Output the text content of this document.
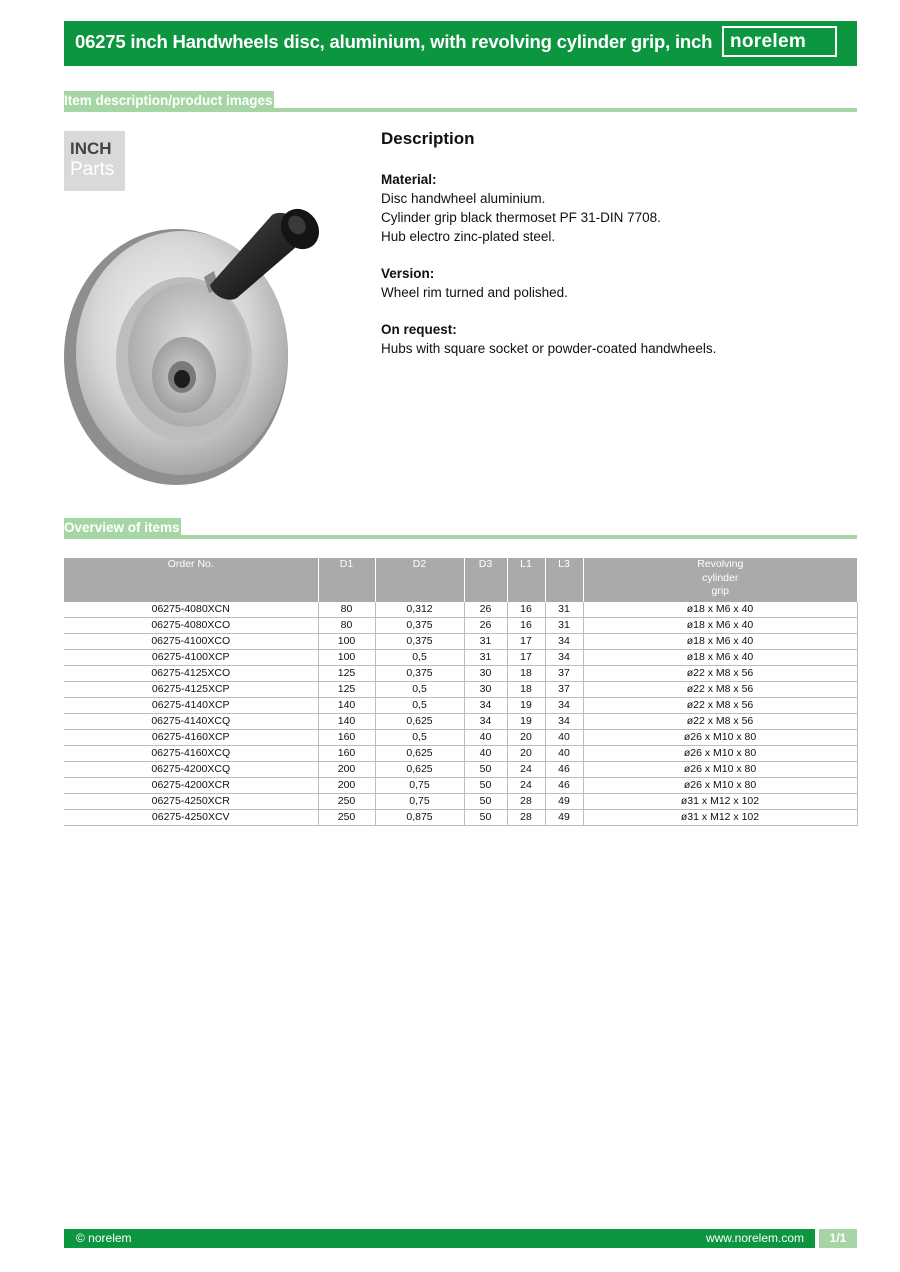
06275 inch Handwheels disc, aluminium, with revolving cylinder grip, inch norelem
Item description/product images
INCH
Parts
Description
Material:
Disc handwheel aluminium.
Cylinder grip black thermoset PF 31-DIN 7708.
Hub electro zinc-plated steel.
Version:
Wheel rim turned and polished.
On request:
Hubs with square socket or powder-coated handwheels.
Overview of items
Order No.	D1	D2	D3	L1	L3	Revolving cylinder grip

06275-4080XCN	80	0,312	26	16	31	ø18 x M6 x 40
06275-4080XCO	80	0,375	26	16	31	ø18 x M6 x 40
06275-4100XCO	100	0,375	31	17	34	ø18 x M6 x 40
06275-4100XCP	100	0,5	31	17	34	ø18 x M6 x 40
06275-4125XCO	125	0,375	30	18	37	ø22 x M8 x 56
06275-4125XCP	125	0,5	30	18	37	ø22 x M8 x 56
06275-4140XCP	140	0,5	34	19	34	ø22 x M8 x 56
06275-4140XCQ	140	0,625	34	19	34	ø22 x M8 x 56
06275-4160XCP	160	0,5	40	20	40	ø26 x M10 x 80
06275-4160XCQ	160	0,625	40	20	40	ø26 x M10 x 80
06275-4200XCQ	200	0,625	50	24	46	ø26 x M10 x 80
06275-4200XCR	200	0,75	50	24	46	ø26 x M10 x 80
06275-4250XCR	250	0,75	50	28	49	ø31 x M12 x 102
06275-4250XCV	250	0,875	50	28	49	ø31 x M12 x 102
© norelem	www.norelem.com	1/1
